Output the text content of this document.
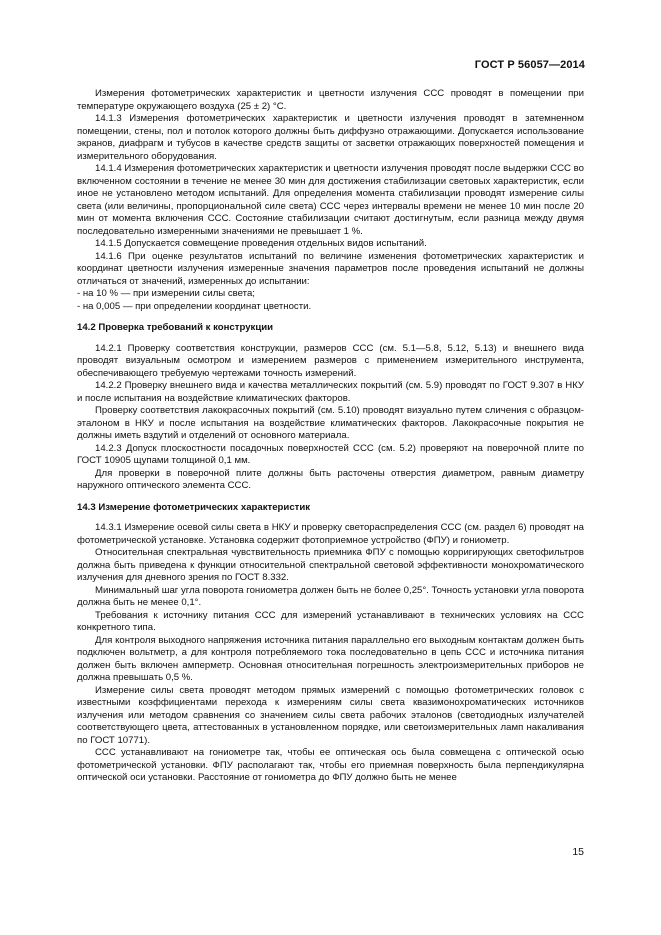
ГОСТ Р 56057—2014

Измерения фотометрических характеристик и цветности излучения ССС проводят в помещении при температуре окружающего воздуха (25 ± 2) °C.

14.1.3 Измерения фотометрических характеристик и цветности излучения проводят в затемненном помещении, стены, пол и потолок которого должны быть диффузно отражающими. Допускается использование экранов, диафрагм и тубусов в качестве средств защиты от засветки отражающих поверхностей помещения и измерительного оборудования.

14.1.4 Измерения фотометрических характеристик и цветности излучения проводят после выдержки ССС во включенном состоянии в течение не менее 30 мин для достижения стабилизации световых характеристик, если иное не установлено методом испытаний. Для определения момента стабилизации проводят измерение силы света (или величины, пропорциональной силе света) ССС через интервалы времени не менее 10 мин после 20 мин от момента включения ССС. Состояние стабилизации считают достигнутым, если разница между двумя последовательно измеренными значениями не превышает 1 %.

14.1.5 Допускается совмещение проведения отдельных видов испытаний.

14.1.6 При оценке результатов испытаний по величине изменения фотометрических характеристик и координат цветности излучения измеренные значения параметров после проведения испытаний не должны отличаться от значений, измеренных до испытании:

- на 10 % — при измерении силы света;

- на 0,005 — при определении координат цветности.

14.2 Проверка требований к конструкции

14.2.1 Проверку соответствия конструкции, размеров ССС (см. 5.1—5.8, 5.12, 5.13) и внешнего вида проводят визуальным осмотром и измерением размеров с применением измерительного инструмента, обеспечивающего требуемую чертежами точность измерений.

14.2.2 Проверку внешнего вида и качества металлических покрытий (см. 5.9) проводят по ГОСТ 9.307 в НКУ и после испытания на воздействие климатических факторов.

Проверку соответствия лакокрасочных покрытий (см. 5.10) проводят визуально путем сличения с образцом-эталоном в НКУ и после испытания на воздействие климатических факторов. Лакокрасочные покрытия не должны иметь вздутий и отделений от основного материала.

14.2.3 Допуск плоскостности посадочных поверхностей ССС (см. 5.2) проверяют на поверочной плите по ГОСТ 10905 щупами толщиной 0,1 мм.

Для проверки в поверочной плите должны быть расточены отверстия диаметром, равным диаметру наружного оптического элемента ССС.

14.3 Измерение фотометрических характеристик

14.3.1 Измерение осевой силы света в НКУ и проверку светораспределения ССС (см. раздел 6) проводят на фотометрической установке. Установка содержит фотоприемное устройство (ФПУ) и гониометр.

Относительная спектральная чувствительность приемника ФПУ с помощью корригирующих светофильтров должна быть приведена к функции относительной спектральной световой эффективности монохроматического излучения для дневного зрения по ГОСТ 8.332.

Минимальный шаг угла поворота гониометра должен быть не более 0,25°. Точность установки угла поворота должна быть не менее 0,1°.

Требования к источнику питания ССС для измерений устанавливают в технических условиях на ССС конкретного типа.

Для контроля выходного напряжения источника питания параллельно его выходным контактам должен быть подключен вольтметр, а для контроля потребляемого тока последовательно в цепь ССС и источника питания должен быть включен амперметр. Основная относительная погрешность электроизмерительных приборов не должна превышать 0,5 %.

Измерение силы света проводят методом прямых измерений с помощью фотометрических головок с известными коэффициентами перехода к измерениям силы света квазимонохроматических источников излучения или методом сравнения со значением силы света рабочих эталонов (светодиодных излучателей соответствующего цвета, аттестованных в установленном порядке, или светоизмерительных ламп накаливания по ГОСТ 10771).

ССС устанавливают на гониометре так, чтобы ее оптическая ось была совмещена с оптической осью фотометрической установки. ФПУ располагают так, чтобы его приемная поверхность была перпендикулярна оптической оси установки. Расстояние от гониометра до ФПУ должно быть не менее

15
